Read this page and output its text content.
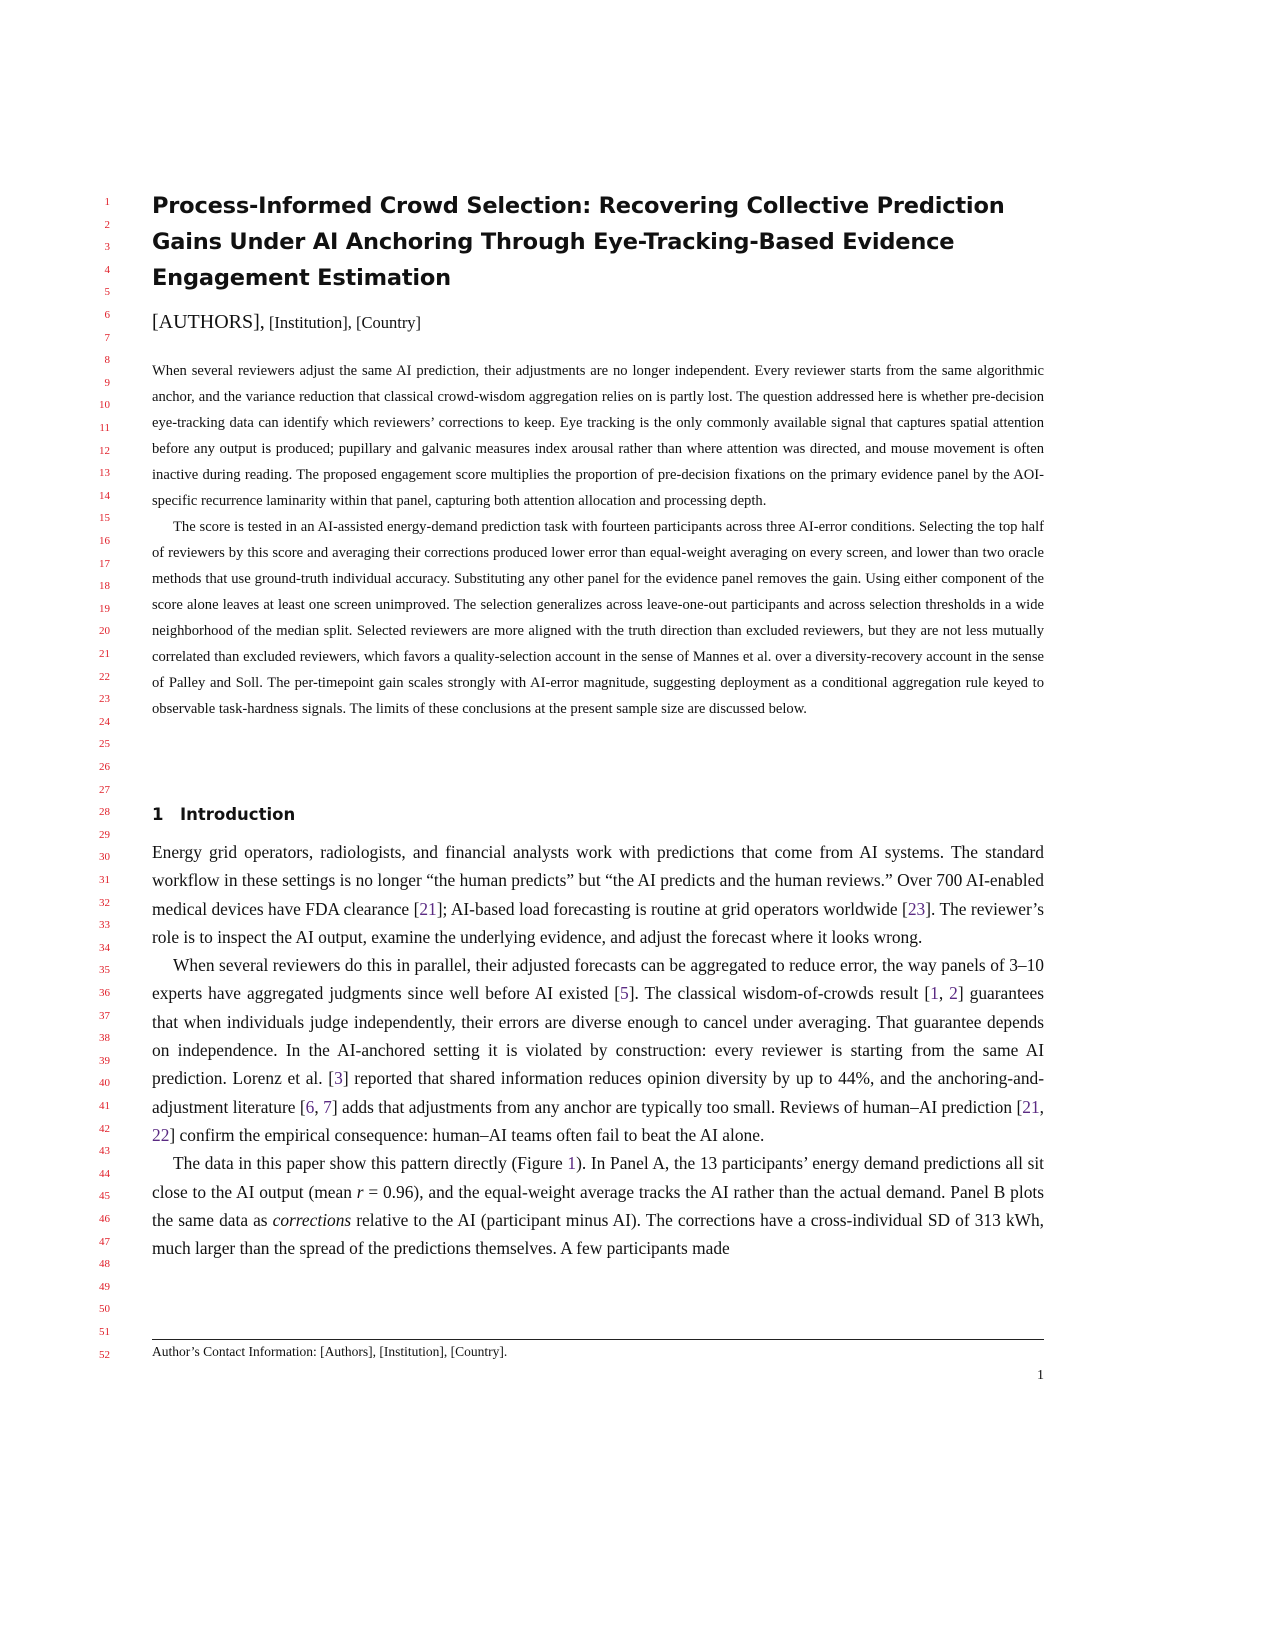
1
2
3
4
5
6
7
8
9
10
11
12
13
14
15
16
17
18
19
20
21
22
23
24
25
26
27
28
29
30
31
32
33
34
35
36
37
38
39
40
41
42
43
44
45
46
47
48
49
50
51
52
Process-Informed Crowd Selection: Recovering Collective Prediction Gains Under AI Anchoring Through Eye-Tracking-Based Evidence Engagement Estimation
[AUTHORS], [Institution], [Country]

When several reviewers adjust the same AI prediction, their adjustments are no longer independent. Every reviewer starts from the same algorithmic anchor, and the variance reduction that classical crowd-wisdom aggregation relies on is partly lost. The question addressed here is whether pre-decision eye-tracking data can identify which reviewers’ corrections to keep. Eye tracking is the only commonly available signal that captures spatial attention before any output is produced; pupillary and galvanic measures index arousal rather than where attention was directed, and mouse movement is often inactive during reading. The proposed engagement score multiplies the proportion of pre-decision fixations on the primary evidence panel by the AOI-specific recurrence laminarity within that panel, capturing both attention allocation and processing depth.

The score is tested in an AI-assisted energy-demand prediction task with fourteen participants across three AI-error conditions. Selecting the top half of reviewers by this score and averaging their corrections produced lower error than equal-weight averaging on every screen, and lower than two oracle methods that use ground-truth individual accuracy. Substituting any other panel for the evidence panel removes the gain. Using either component of the score alone leaves at least one screen unimproved. The selection generalizes across leave-one-out participants and across selection thresholds in a wide neighborhood of the median split. Selected reviewers are more aligned with the truth direction than excluded reviewers, but they are not less mutually correlated than excluded reviewers, which favors a quality-selection account in the sense of Mannes et al. over a diversity-recovery account in the sense of Palley and Soll. The per-timepoint gain scales strongly with AI-error magnitude, suggesting deployment as a conditional aggregation rule keyed to observable task-hardness signals. The limits of these conclusions at the present sample size are discussed below.

1 Introduction

Energy grid operators, radiologists, and financial analysts work with predictions that come from AI systems. The standard workflow in these settings is no longer “the human predicts” but “the AI predicts and the human reviews.” Over 700 AI-enabled medical devices have FDA clearance [21]; AI-based load forecasting is routine at grid operators worldwide [23]. The reviewer’s role is to inspect the AI output, examine the underlying evidence, and adjust the forecast where it looks wrong.

When several reviewers do this in parallel, their adjusted forecasts can be aggregated to reduce error, the way panels of 3–10 experts have aggregated judgments since well before AI existed [5]. The classical wisdom-of-crowds result [1, 2] guarantees that when individuals judge independently, their errors are diverse enough to cancel under averaging. That guarantee depends on independence. In the AI-anchored setting it is violated by construction: every reviewer is starting from the same AI prediction. Lorenz et al. [3] reported that shared information reduces opinion diversity by up to 44%, and the anchoring-and-adjustment literature [6, 7] adds that adjustments from any anchor are typically too small. Reviews of human–AI prediction [21, 22] confirm the empirical consequence: human–AI teams often fail to beat the AI alone.

The data in this paper show this pattern directly (Figure 1). In Panel A, the 13 participants’ energy demand predictions all sit close to the AI output (mean r = 0.96), and the equal-weight average tracks the AI rather than the actual demand. Panel B plots the same data as corrections relative to the AI (participant minus AI). The corrections have a cross-individual SD of 313 kWh, much larger than the spread of the predictions themselves. A few participants made

Author’s Contact Information: [Authors], [Institution], [Country].
1
